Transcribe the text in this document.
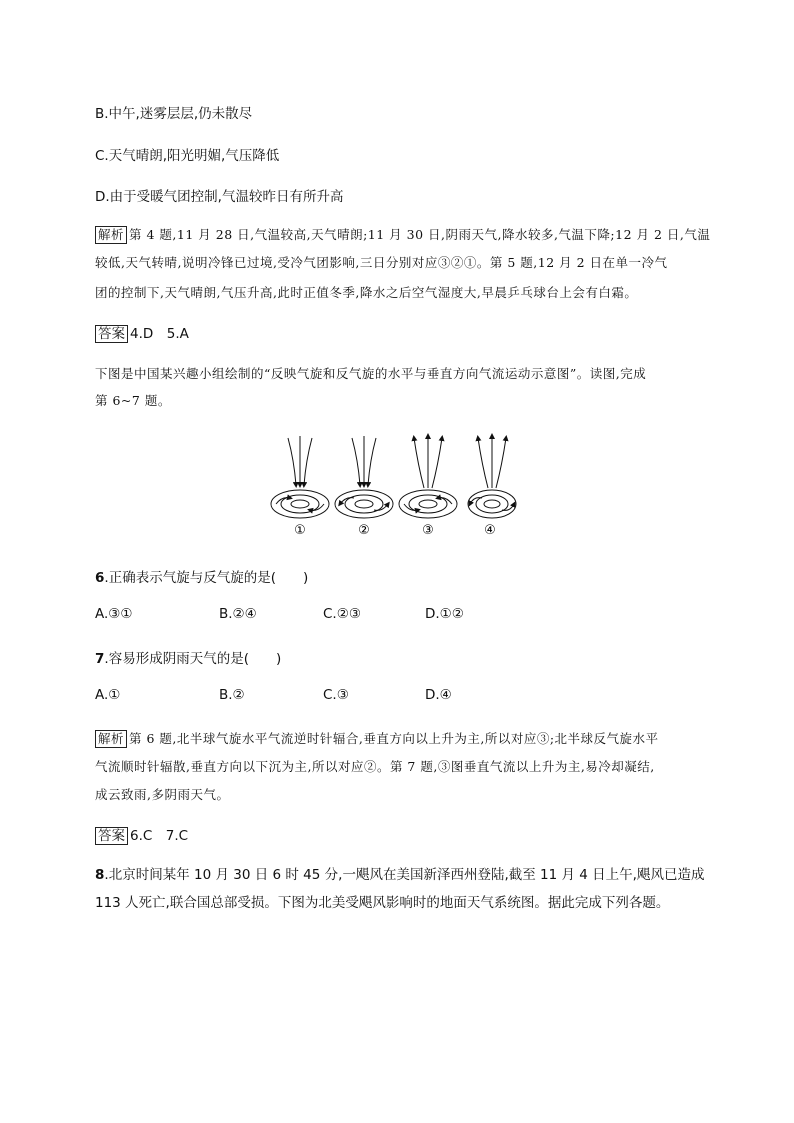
B.中午,迷雾层层,仍未散尽
C.天气晴朗,阳光明媚,气压降低
D.由于受暖气团控制,气温较昨日有所升高
解析 第 4 题,11 月 28 日,气温较高,天气晴朗;11 月 30 日,阴雨天气,降水较多,气温下降;12 月 2 日,气温
较低,天气转晴,说明冷锋已过境,受冷气团影响,三日分别对应③②①。第 5 题,12 月 2 日在单一冷气
团的控制下,天气晴朗,气压升高,此时正值冬季,降水之后空气湿度大,早晨乒乓球台上会有白霜。
答案 4.D　5.A
下图是中国某兴趣小组绘制的“反映气旋和反气旋的水平与垂直方向气流运动示意图”。读图,完成
第 6~7 题。
①	②	③	④
6.正确表示气旋与反气旋的是(　　)
A.③①	B.②④	C.②③	D.①②
7.容易形成阴雨天气的是(　　)
A.①	B.②	C.③	D.④
解析 第 6 题,北半球气旋水平气流逆时针辐合,垂直方向以上升为主,所以对应③;北半球反气旋水平
气流顺时针辐散,垂直方向以下沉为主,所以对应②。第 7 题,③图垂直气流以上升为主,易冷却凝结,
成云致雨,多阴雨天气。
答案 6.C　7.C
8.北京时间某年 10 月 30 日 6 时 45 分,一飓风在美国新泽西州登陆,截至 11 月 4 日上午,飓风已造成
113 人死亡,联合国总部受损。下图为北美受飓风影响时的地面天气系统图。据此完成下列各题。
